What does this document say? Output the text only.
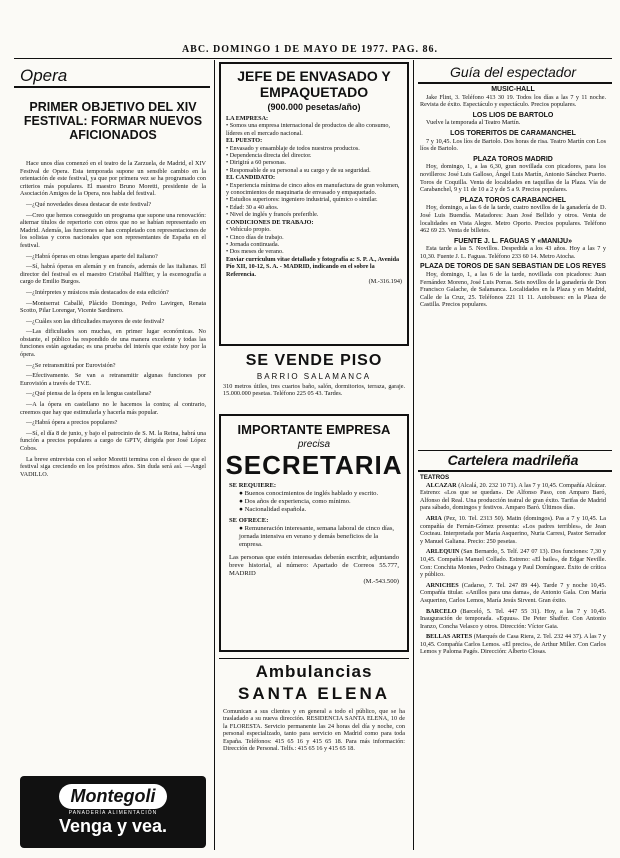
ABC. DOMINGO 1 DE MAYO DE 1977. PAG. 86.
Opera
PRIMER OBJETIVO DEL XIV FESTIVAL: FORMAR NUEVOS AFICIONADOS

Hace unos días comenzó en el teatro de la Zarzuela, de Madrid, el XIV Festival de Opera. Esta temporada supone un sensible cambio en la orientación de este festival, ya que por primera vez se ha programado con criterios más populares. El maestro Bruno Moretti, presidente de la Asociación Amigos de la Opera, nos habla del festival.

—¿Qué novedades desea destacar de este festival?

—Creo que hemos conseguido un programa que supone una renovación: alternar títulos de repertorio con otros que no se habían representado en Madrid. Además, las funciones se han completado con representaciones de los solistas y coros nacionales que son representantes de España en el festival.

—¿Habrá óperas en otras lenguas aparte del italiano?

—Sí, habrá óperas en alemán y en francés, además de las italianas. El director del festival es el maestro Cristóbal Halffter, y la escenografía a cargo de Emilio Burgos.

—¿Intérpretes y músicos más destacados de esta edición?

—Montserrat Caballé, Plácido Domingo, Pedro Lavirgen, Renata Scotto, Pilar Lorengar, Vicente Sardinero.

—¿Cuáles son las dificultades mayores de este festival?

—Las dificultades son muchas, en primer lugar económicas. No obstante, el público ha respondido de una manera excelente y todas las funciones están agotadas; es una prueba del interés que existe hoy por la ópera.

—¿Se retransmitirá por Eurovisión?

—Efectivamente. Se van a retransmitir algunas funciones por Eurovisión a través de TV.E.

—¿Qué piensa de la ópera en la lengua castellana?

—A la ópera en castellano no le hacemos la contra; al contrario, creemos que hay que estimularla y hacerla más popular.

—¿Habrá ópera a precios populares?

—Sí, el día 8 de junio, y bajo el patrocinio de S. M. la Reina, habrá una función a precios populares a cargo de GPTV, dirigida por José López Cobos.

La breve entrevista con el señor Moretti termina con el deseo de que el festival siga creciendo en los próximos años. Sin duda será así. —Angel VADILLO.

Montegoli
PANADERÍA ALIMENTACIÓN
Venga y vea.
JEFE DE ENVASADO Y EMPAQUETADO
(900.000 pesetas/año)
LA EMPRESA:
• Somos una empresa internacional de productos de alto consumo, líderes en el mercado nacional.
EL PUESTO:
• Envasado y ensamblaje de todos nuestros productos.
• Dependencia directa del director.
• Dirigirá a 60 personas.
• Responsable de su personal a su cargo y de su seguridad.
EL CANDIDATO:
• Experiencia mínima de cinco años en manufactura de gran volumen, y conocimientos de maquinaria de envasado y empaquetado.
• Estudios superiores: ingeniero industrial, químico o similar.
• Edad: 30 a 40 años.
• Nivel de inglés y francés preferible.
CONDICIONES DE TRABAJO:
• Vehículo propio.
• Cinco días de trabajo.
• Jornada continuada.
• Dos meses de verano.
Enviar currículum vitae detallado y fotografía a: S. P. A., Avenida Pío XII, 10-12, S. A. - MADRID, indicando en el sobre la Referencia.
(M.-316.194)
SE VENDE PISO
BARRIO SALAMANCA
310 metros útiles, tres cuartos baño, salón, dormitorios, terraza, garaje. 15.000.000 pesetas. Teléfono 225 05 43. Tardes.
IMPORTANTE EMPRESA
precisa
SECRETARIA
SE REQUIERE:
● Buenos conocimientos de inglés hablado y escrito.
● Dos años de experiencia, como mínimo.
● Nacionalidad española.
SE OFRECE:
● Remuneración interesante, semana laboral de cinco días, jornada intensiva en verano y demás beneficios de la empresa.
Las personas que estén interesadas deberán escribir, adjuntando breve historial, al número: Apartado de Correos 55.777, MADRID
(M.-543.500)
Ambulancias
SANTA ELENA
Comunican a sus clientes y en general a todo el público, que se ha trasladado a su nueva dirección. RESIDENCIA SANTA ELENA, 10 de la FLORESTA. Servicio permanente las 24 horas del día y noche, con personal especializado, tanto para servicio en Madrid como para toda España. Teléfonos: 415 65 16 y 415 65 18. Para más información: Dirección de Personal. Telfs.: 415 65 16 y 415 65 18.
Guía del espectador
MUSIC-HALL

Jake Flint, 3. Teléfono 413 30 19. Todos los días a las 7 y 11 noche. Revista de éxito. Espectáculo y espectáculo. Precios populares.

LOS LIOS DE BARTOLO

Vuelve la temporada al Teatro Martín.

LOS TORERITOS DE CARAMANCHEL

7 y 10,45. Los líos de Bartolo. Dos horas de risa. Teatro Martín con Los líos de Bartolo.

PLAZA TOROS MADRID

Hoy, domingo, 1, a las 6,30, gran novillada con picadores, para los novilleros: José Luis Galloso, Ángel Luis Martín, Antonio Sánchez Puerto. Toros de Coquilla. Venta de localidades en taquillas de la Plaza. Vía de Carabanchel, 9 y 11 de 10 a 2 y de 5 a 9. Precios populares.

PLAZA TOROS CARABANCHEL

Hoy, domingo, a las 6 de la tarde, cuatro novillos de la ganadería de D. José Luis Buendía. Matadores: Juan José Bellido y otros. Venta de localidades en Vista Alegre. Metro Oporto. Precios populares. Teléfono 462 69 23. Venta de billetes.

FUENTE J. L. FAGUAS Y «MANIJU»

Esta tarde a las 5. Novillos. Despedida a los 43 años. Hoy a las 7 y 10,30. Fuente J. L. Faguas. Teléfono 233 60 14. Metro Atocha.

PLAZA DE TOROS DE SAN SEBASTIAN DE LOS REYES

Hoy, domingo, 1, a las 6 de la tarde, novillada con picadores: Juan Fernández Moreno, José Luis Porras. Seis novillos de la ganadería de Don Francisco Galache, de Salamanca. Localidades en la Plaza y en Madrid, Calle de la Cruz, 25. Teléfonos 221 11 11. Autobuses: en la Plaza de Castilla. Precios populares.

Cartelera madrileña
TEATROS

ALCAZAR (Alcalá, 20. 232 10 71). A las 7 y 10,45. Compañía Alcázar. Estreno: «Los que se quedan». De Alfonso Paso, con Amparo Baró, Alfonso del Real. Una producción teatral de gran éxito. Tarifas de Madrid para sábado, domingos y festivos. Amparo Baró. Últimos días.

ARIA (Pez, 10. Tel. 2313 50). Matin (domingos). Pas a 7 y 10,45. La compañía de Fernán-Gómez presenta: «Los padres terribles», de Jean Cocteau. Interpretada por María Asquerino, Nuria Carresi, Pastor Serrador y Manuel Galiana. Precio: 250 pesetas.

ARLEQUIN (San Bernardo, 5. Telf. 247 07 13). Dos funciones: 7,30 y 10,45. Compañía Manuel Collado. Estreno: «El baile», de Edgar Neville. Con: Conchita Montes, Pedro Osinaga y Paul Domínguez. Éxito de crítica y público.

ARNICHES (Cadarso, 7. Tel. 247 89 44). Tarde 7 y noche 10,45. Compañía titular. «Anillos para una dama», de Antonio Gala. Con María Asquerino, Carlos Lemos, María Jesús Sirvent. Gran éxito.

BARCELO (Barceló, 5. Tel. 447 55 31). Hoy, a las 7 y 10,45. Inauguración de temporada. «Equus». De Peter Shaffer. Con Antonio Iranzo, Concha Velasco y otros. Dirección: Víctor Gaia.

BELLAS ARTES (Marqués de Casa Riera, 2. Tel. 232 44 37). A las 7 y 10,45. Compañía Carlos Lemos. «El precio», de Arthur Miller. Con Carlos Lemos y Paloma Pagés. Dirección: Alberto Closas.
